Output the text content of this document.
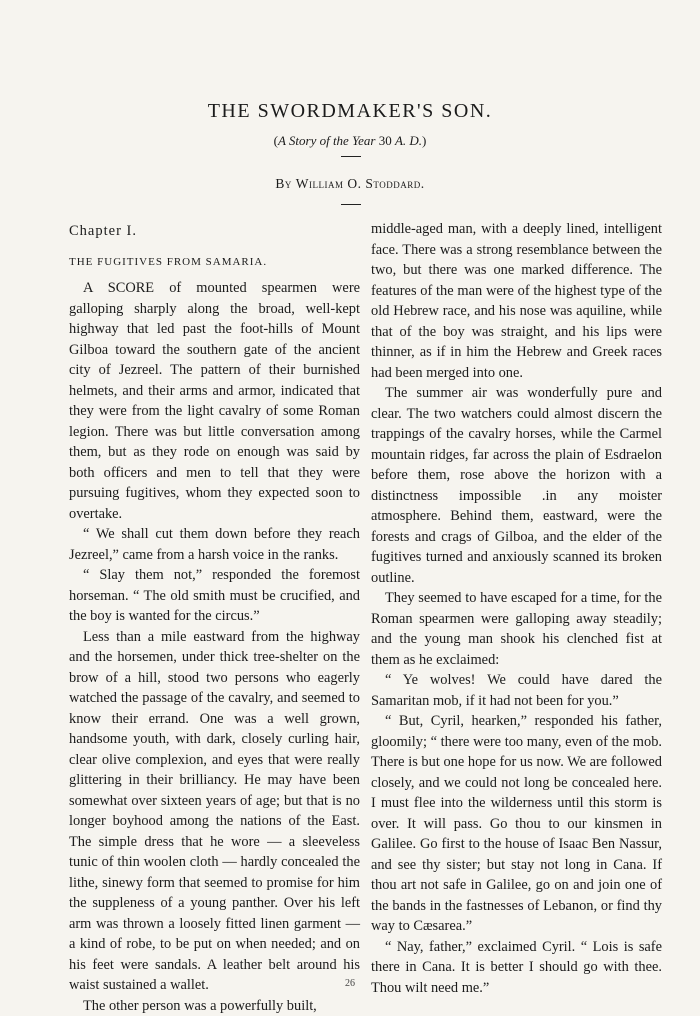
THE SWORDMAKER'S SON.
(A Story of the Year 30 A. D.)
By William O. Stoddard.

Chapter I.

THE FUGITIVES FROM SAMARIA.

A SCORE of mounted spearmen were galloping sharply along the broad, well-kept highway that led past the foot-hills of Mount Gilboa toward the southern gate of the ancient city of Jezreel. The pattern of their burnished helmets, and their arms and armor, indicated that they were from the light cavalry of some Roman legion. There was but little conversation among them, but as they rode on enough was said by both officers and men to tell that they were pursuing fugitives, whom they expected soon to overtake.

“ We shall cut them down before they reach Jezreel,” came from a harsh voice in the ranks.

“ Slay them not,” responded the foremost horseman. “ The old smith must be crucified, and the boy is wanted for the circus.”

Less than a mile eastward from the highway and the horsemen, under thick tree-shelter on the brow of a hill, stood two persons who eagerly watched the passage of the cavalry, and seemed to know their errand. One was a well grown, handsome youth, with dark, closely curling hair, clear olive complexion, and eyes that were really glittering in their brilliancy. He may have been somewhat over sixteen years of age; but that is no longer boyhood among the nations of the East. The simple dress that he wore — a sleeveless tunic of thin woolen cloth — hardly concealed the lithe, sinewy form that seemed to promise for him the suppleness of a young panther. Over his left arm was thrown a loosely fitted linen garment — a kind of robe, to be put on when needed; and on his feet were sandals. A leather belt around his waist sustained a wallet.

The other person was a powerfully built,

middle-aged man, with a deeply lined, intelligent face. There was a strong resemblance between the two, but there was one marked difference. The features of the man were of the highest type of the old Hebrew race, and his nose was aquiline, while that of the boy was straight, and his lips were thinner, as if in him the Hebrew and Greek races had been merged into one.

The summer air was wonderfully pure and clear. The two watchers could almost discern the trappings of the cavalry horses, while the Carmel mountain ridges, far across the plain of Esdraelon before them, rose above the horizon with a distinctness impossible .in any moister atmosphere. Behind them, eastward, were the forests and crags of Gilboa, and the elder of the fugitives turned and anxiously scanned its broken outline.

They seemed to have escaped for a time, for the Roman spearmen were galloping away steadily; and the young man shook his clenched fist at them as he exclaimed:

“ Ye wolves! We could have dared the Samaritan mob, if it had not been for you.”

“ But, Cyril, hearken,” responded his father, gloomily; “ there were too many, even of the mob. There is but one hope for us now. We are followed closely, and we could not long be concealed here. I must flee into the wilderness until this storm is over. It will pass. Go thou to our kinsmen in Galilee. Go first to the house of Isaac Ben Nassur, and see thy sister; but stay not long in Cana. If thou art not safe in Galilee, go on and join one of the bands in the fastnesses of Lebanon, or find thy way to Cæsarea.”

“ Nay, father,” exclaimed Cyril. “ Lois is safe there in Cana. It is better I should go with thee. Thou wilt need me.”

26
